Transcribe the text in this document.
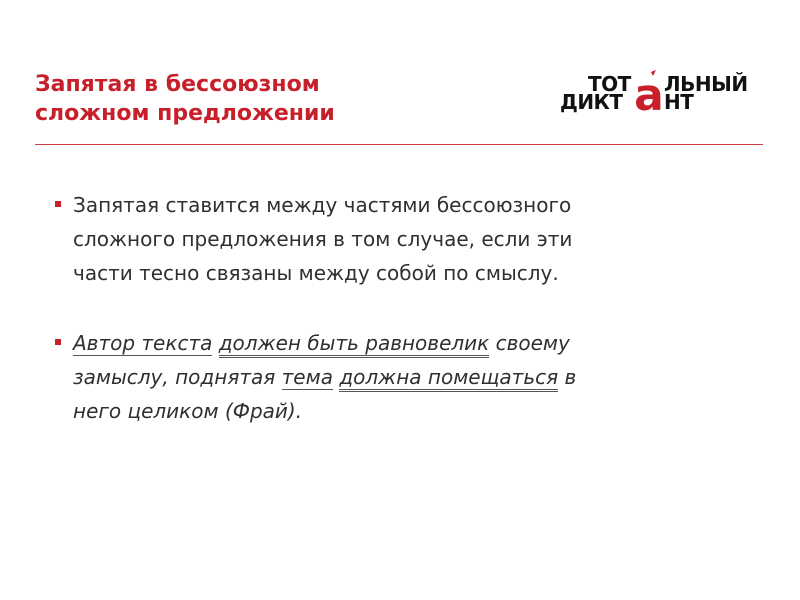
Запятая в бессоюзном
сложном предложении
ТОТ а ЛЬНЫЙ
ДИКТ НТ
Запятая ставится между частями бессоюзного
сложного предложения в том случае, если эти
части тесно связаны между собой по смыслу.
Автор текста должен быть равновелик своему
замыслу, поднятая тема должна помещаться в
него целиком (Фрай).
